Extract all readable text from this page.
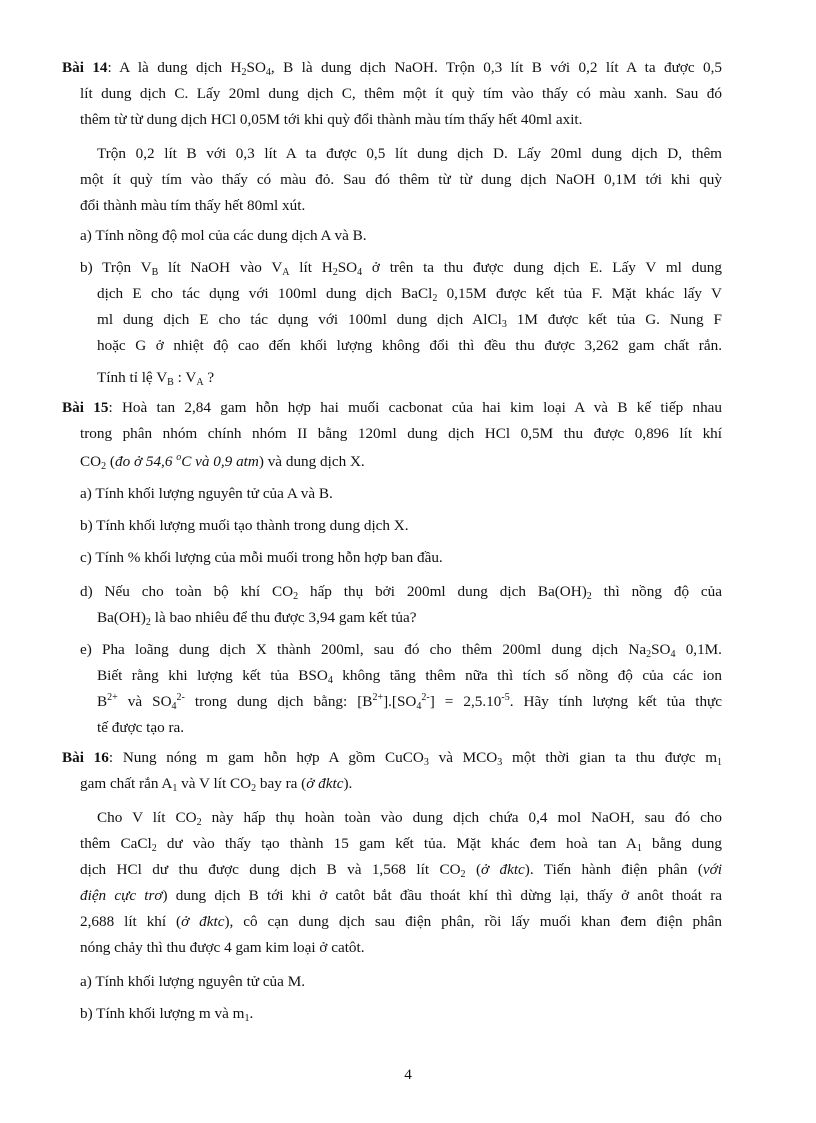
Bài 14: A là dung dịch $H_2SO_4$, B là dung dịch NaOH. Trộn 0,3 lít B với 0,2 lít A ta được 0,5
lít dung dịch C. Lấy 20ml dung dịch C, thêm một ít quỳ tím vào thấy có màu xanh. Sau đó
thêm từ từ dung dịch HCl 0,05M tới khi quỳ đổi thành màu tím thấy hết 40ml axit.
Trộn 0,2 lít B với 0,3 lít A ta được 0,5 lít dung dịch D. Lấy 20ml dung dịch D, thêm
một ít quỳ tím vào thấy có màu đỏ. Sau đó thêm từ từ dung dịch NaOH 0,1M tới khi quỳ
đổi thành màu tím thấy hết 80ml xút.
a) Tính nồng độ mol của các dung dịch A và B.
b) Trộn $V_B$ lít NaOH vào $V_A$ lít $H_2SO_4$ ở trên ta thu được dung dịch E. Lấy V ml dung
dịch E cho tác dụng với 100ml dung dịch BaCl$_2$ 0,15M được kết tủa F. Mặt khác lấy V
ml dung dịch E cho tác dụng với 100ml dung dịch AlCl$_3$ 1M được kết tủa G. Nung F
hoặc G ở nhiệt độ cao đến khối lượng không đổi thì đều thu được 3,262 gam chất rắn.
Tính tỉ lệ $V_B$ : $V_A$ ?
Bài 15: Hoà tan 2,84 gam hỗn hợp hai muối cacbonat của hai kim loại A và B kế tiếp nhau
trong phân nhóm chính nhóm II bằng 120ml dung dịch HCl 0,5M thu được 0,896 lít khí
$CO_2$ (đo ở 54,6 $^o$C và 0,9 atm) và dung dịch X.
a) Tính khối lượng nguyên tử của A và B.
b) Tính khối lượng muối tạo thành trong dung dịch X.
c) Tính % khối lượng của mỗi muối trong hỗn hợp ban đầu.
d) Nếu cho toàn bộ khí $CO_2$ hấp thụ bởi 200ml dung dịch $Ba(OH)_2$ thì nồng độ của
$Ba(OH)_2$ là bao nhiêu để thu được 3,94 gam kết tủa?
e) Pha loãng dung dịch X thành 200ml, sau đó cho thêm 200ml dung dịch $Na_2SO_4$ 0,1M.
Biết rằng khi lượng kết tủa $BSO_4$ không tăng thêm nữa thì tích số nồng độ của các ion
$B^{2+}$ và $SO_4^{2-}$ trong dung dịch bằng: $[B^{2+}].[SO_4^{2-}] = 2,5.10^{-5}$. Hãy tính lượng kết tủa thực
tế được tạo ra.
Bài 16: Nung nóng m gam hỗn hợp A gồm CuCO$_3$ và $MCO_3$ một thời gian ta thu được $m_1$
gam chất rắn $A_1$ và V lít $CO_2$ bay ra (ở đktc).
Cho V lít $CO_2$ này hấp thụ hoàn toàn vào dung dịch chứa 0,4 mol NaOH, sau đó cho
thêm CaCl$_2$ dư vào thấy tạo thành 15 gam kết tủa. Mặt khác đem hoà $\tan A_1$ bằng dung
dịch HCl dư thu được dung dịch B và 1,568 lít $CO_2$ (ở đktc). Tiến hành điện phân (với
điện cực trơ) dung dịch B tới khi ở catôt bắt đầu thoát khí thì dừng lại, thấy ở anôt thoát ra
2,688 lít khí (ở đktc), cô cạn dung dịch sau điện phân, rồi lấy muối khan đem điện phân
nóng chảy thì thu được 4 gam kim loại ở catôt.
a) Tính khối lượng nguyên tử của M.
b) Tính khối lượng m và $m_1$.
4
